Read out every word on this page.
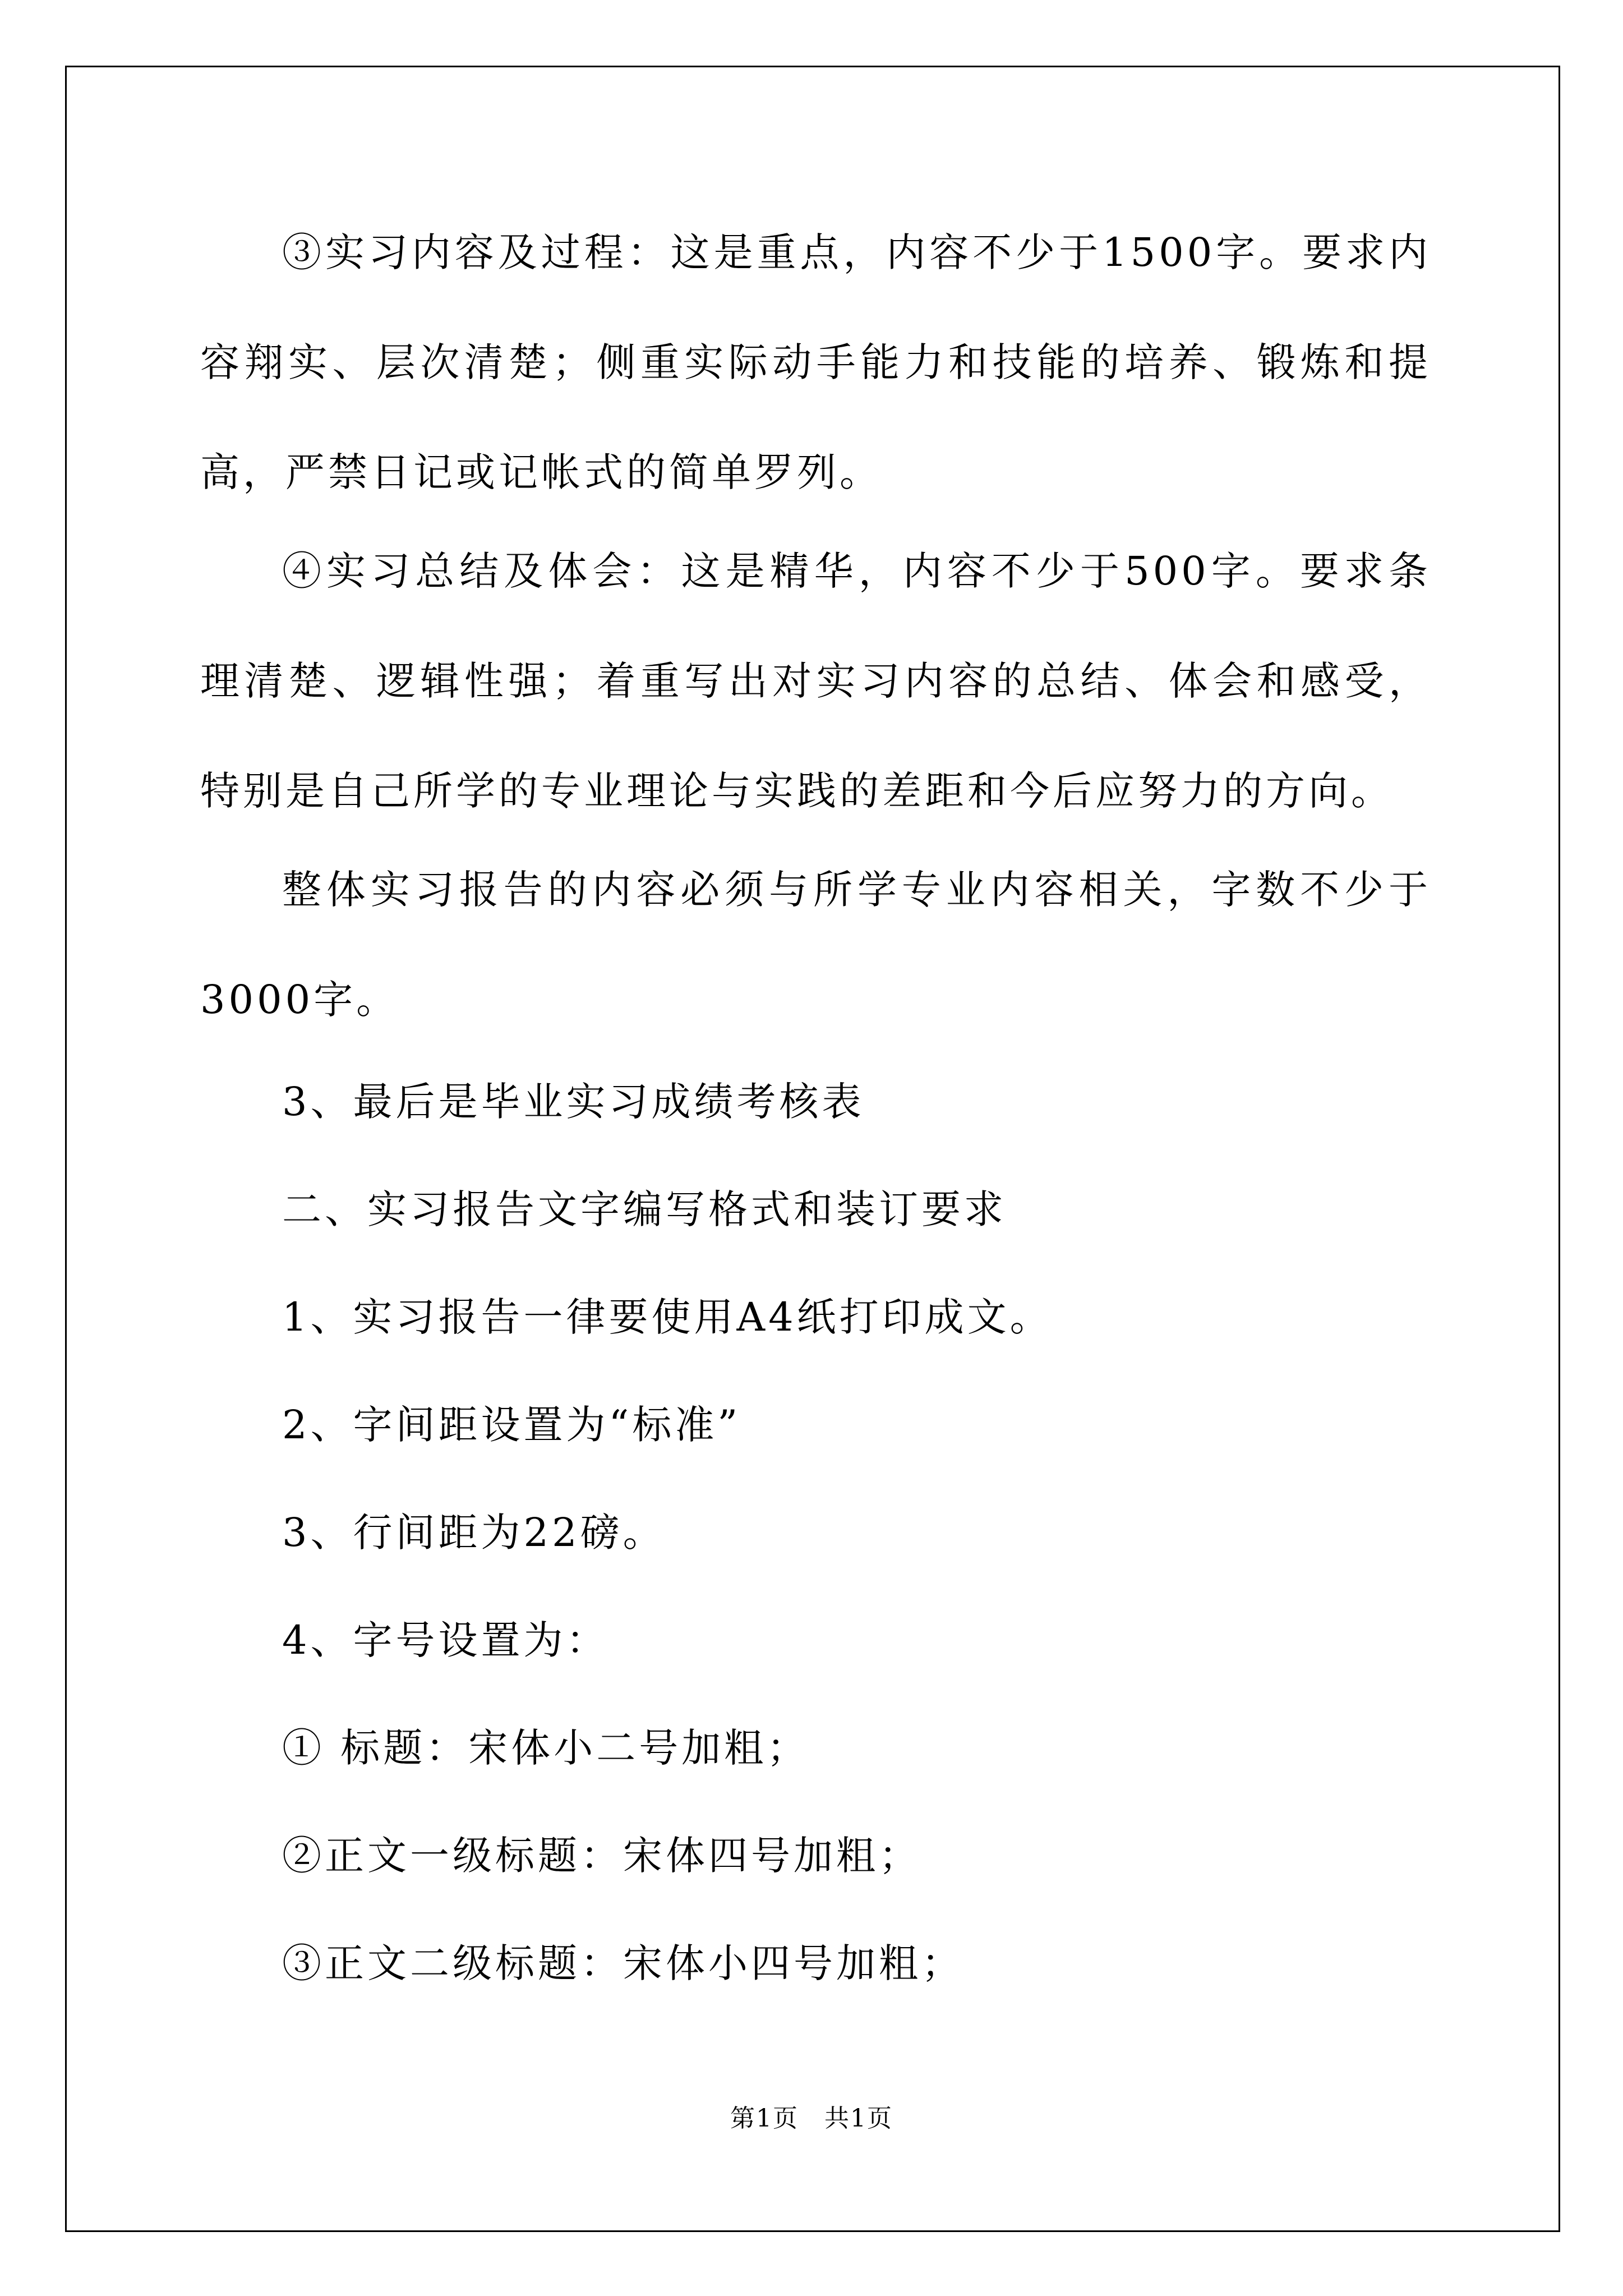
③实习内容及过程：这是重点，内容不少于1500字。要求内容翔实、层次清楚；侧重实际动手能力和技能的培养、锻炼和提高，严禁日记或记帐式的简单罗列。

④实习总结及体会：这是精华，内容不少于500字。要求条理清楚、逻辑性强；着重写出对实习内容的总结、体会和感受，特别是自己所学的专业理论与实践的差距和今后应努力的方向。

整体实习报告的内容必须与所学专业内容相关，字数不少于3000字。

3、最后是毕业实习成绩考核表

二、实习报告文字编写格式和装订要求

1、实习报告一律要使用A4纸打印成文。

2、字间距设置为“标准”

3、行间距为22磅。

4、字号设置为：

① 标题：宋体小二号加粗；

②正文一级标题：宋体四号加粗；

③正文二级标题：宋体小四号加粗；

第1页　共1页
